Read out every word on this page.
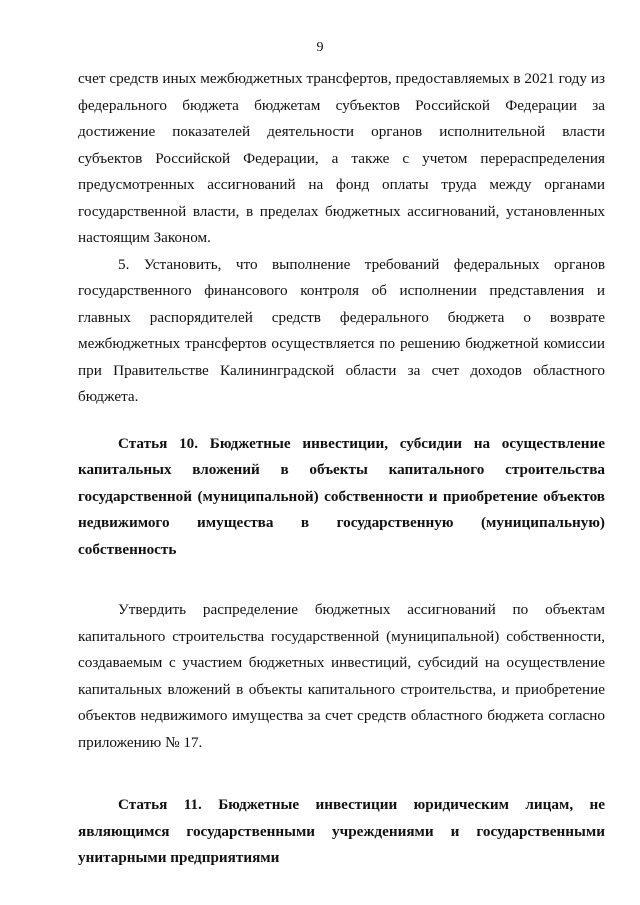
9

счет средств иных межбюджетных трансфертов, предоставляемых в 2021 году из федерального бюджета бюджетам субъектов Российской Федерации за достижение показателей деятельности органов исполнительной власти субъектов Российской Федерации, а также с учетом перераспределения предусмотренных ассигнований на фонд оплаты труда между органами государственной власти, в пределах бюджетных ассигнований, установленных настоящим Законом.

5. Установить, что выполнение требований федеральных органов государственного финансового контроля об исполнении представления и главных распорядителей средств федерального бюджета о возврате межбюджетных трансфертов осуществляется по решению бюджетной комиссии при Правительстве Калининградской области за счет доходов областного бюджета.

Статья 10. Бюджетные инвестиции, субсидии на осуществление капитальных вложений в объекты капитального строительства государственной (муниципальной) собственности и приобретение объектов недвижимого имущества в государственную (муниципальную) собственность

Утвердить распределение бюджетных ассигнований по объектам капитального строительства государственной (муниципальной) собственности, создаваемым с участием бюджетных инвестиций, субсидий на осуществление капитальных вложений в объекты капитального строительства, и приобретение объектов недвижимого имущества за счет средств областного бюджета согласно приложению № 17.

Статья 11. Бюджетные инвестиции юридическим лицам, не являющимся государственными учреждениями и государственными унитарными предприятиями
